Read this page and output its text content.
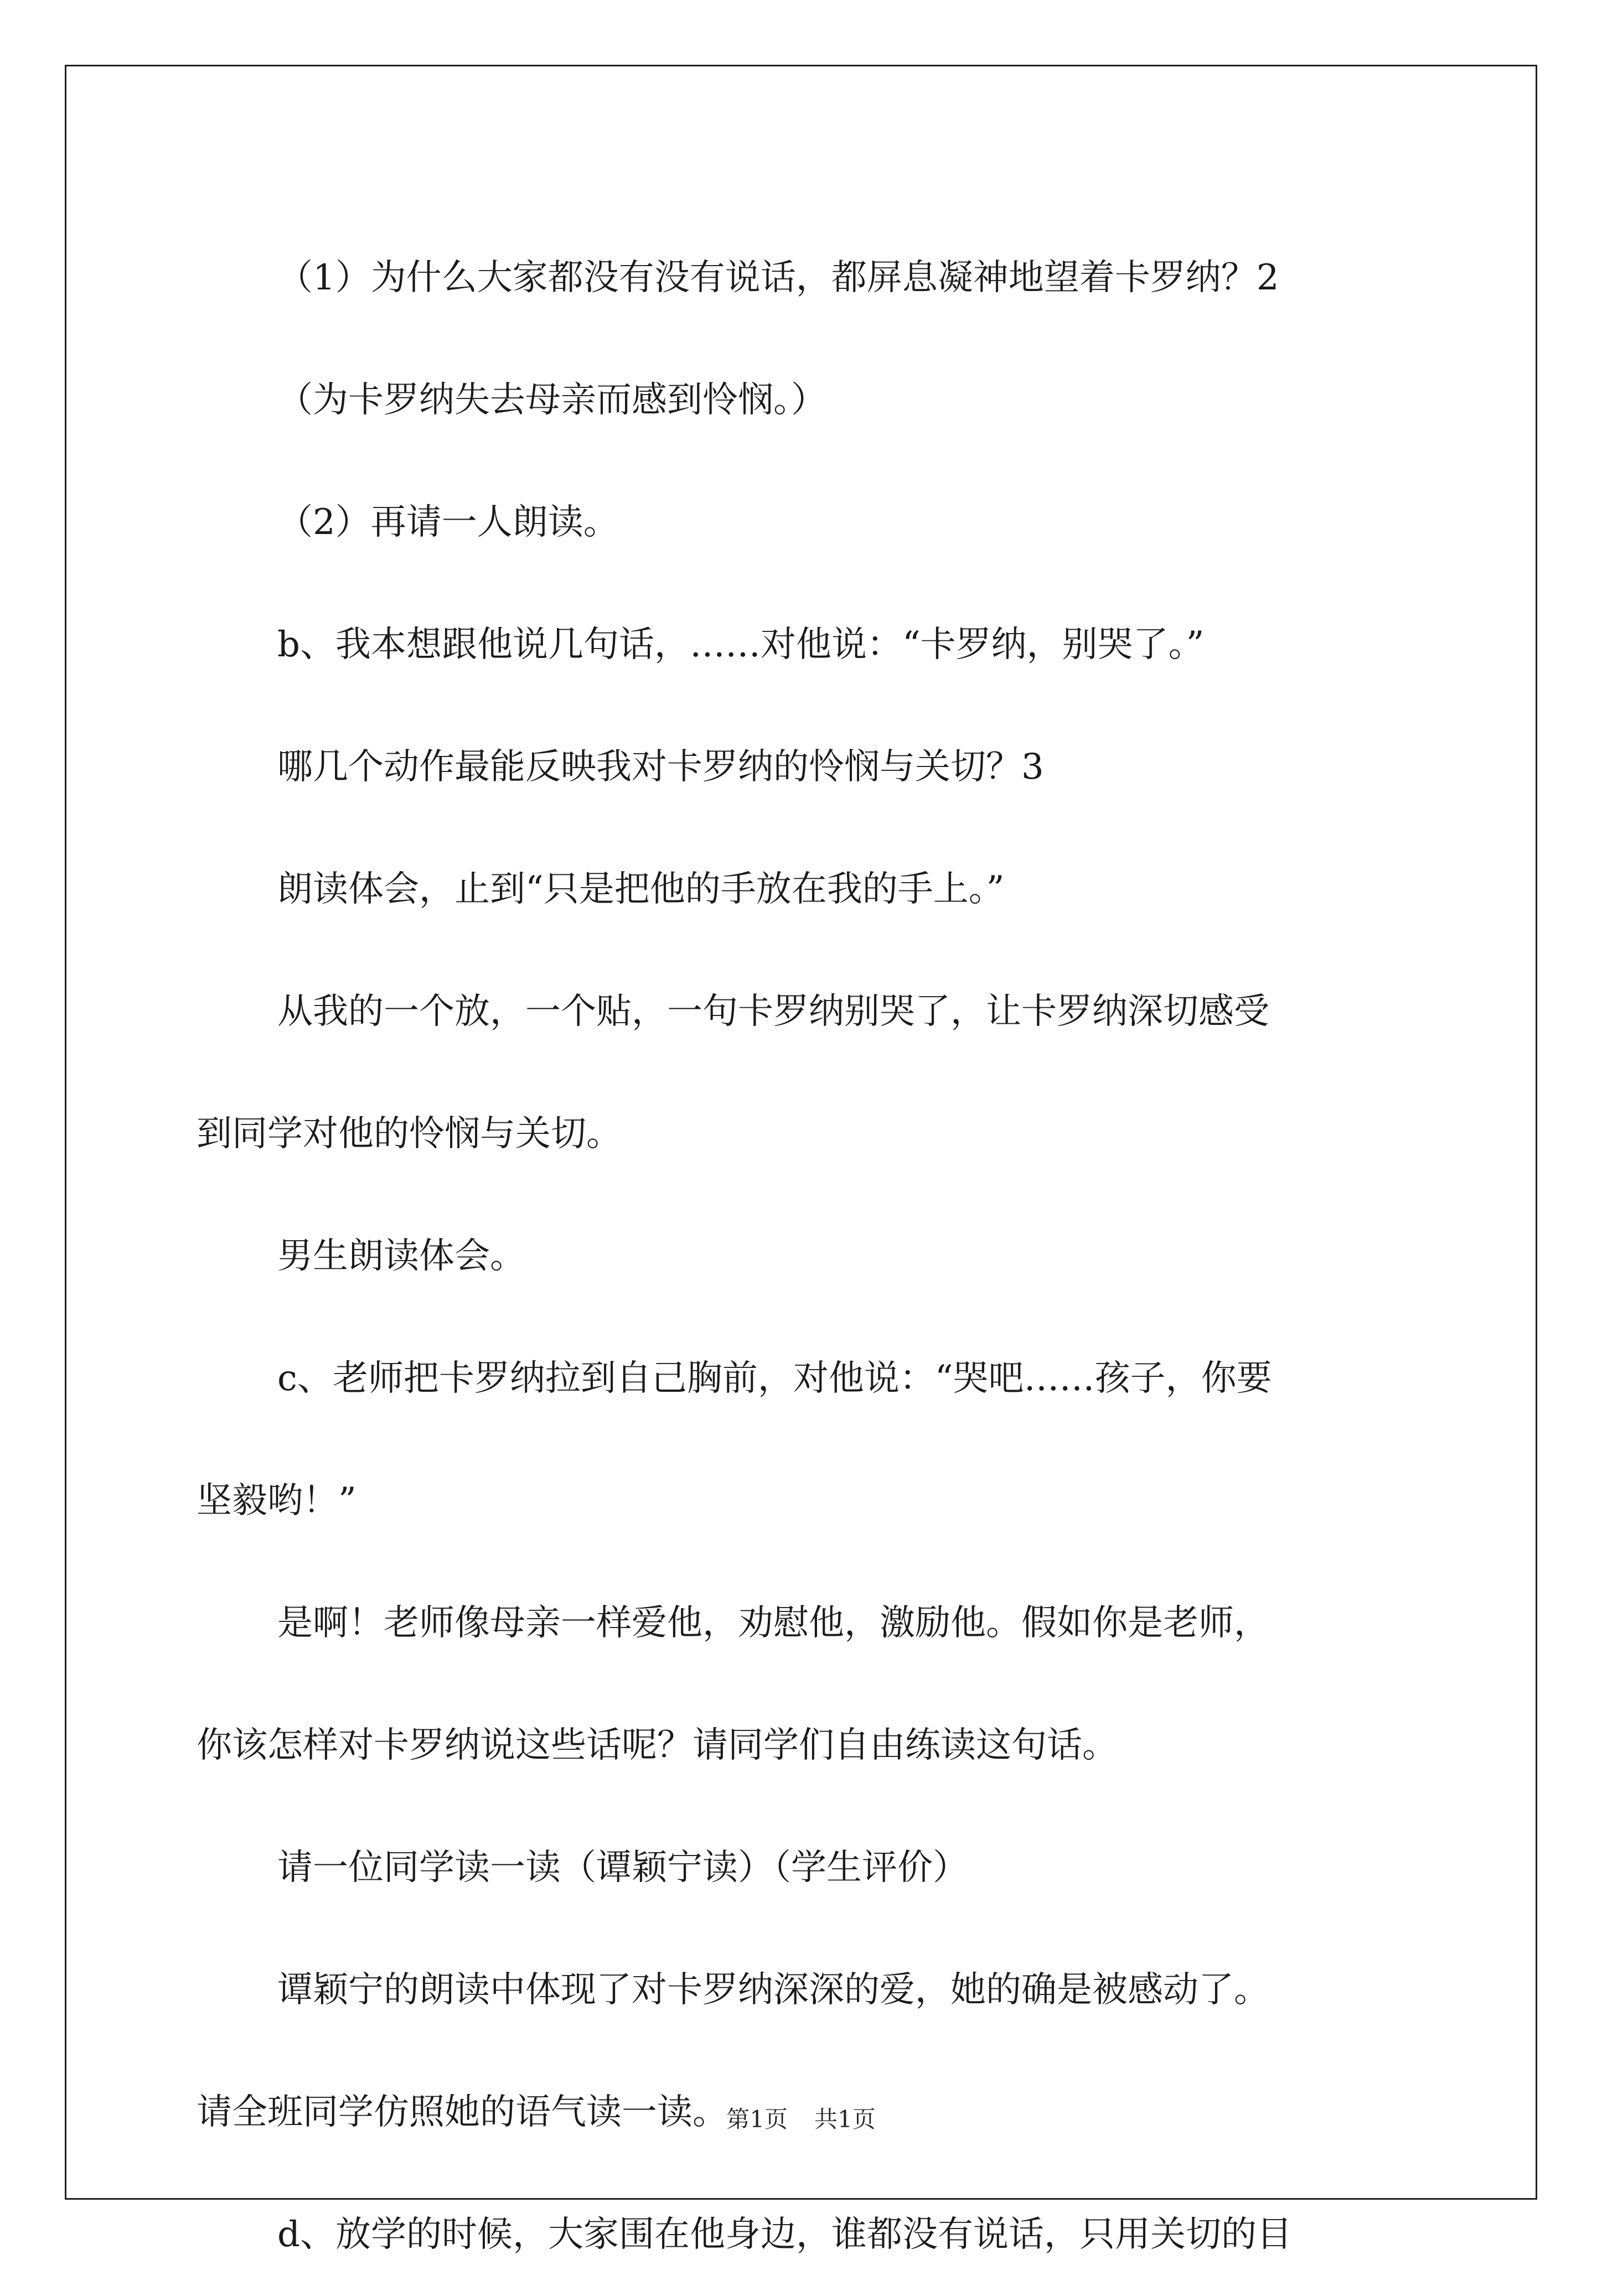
（1）为什么大家都没有没有说话，都屏息凝神地望着卡罗纳？2

（为卡罗纳失去母亲而感到怜悯。）

（2）再请一人朗读。

b、我本想跟他说几句话，……对他说：“卡罗纳，别哭了。”

哪几个动作最能反映我对卡罗纳的怜悯与关切？3

朗读体会，止到“只是把他的手放在我的手上。”

从我的一个放，一个贴，一句卡罗纳别哭了，让卡罗纳深切感受

到同学对他的怜悯与关切。

男生朗读体会。

c、老师把卡罗纳拉到自己胸前，对他说：“哭吧……孩子，你要

坚毅哟！”

是啊！老师像母亲一样爱他，劝慰他，激励他。假如你是老师，

你该怎样对卡罗纳说这些话呢？请同学们自由练读这句话。

请一位同学读一读（谭颖宁读）（学生评价）

谭颖宁的朗读中体现了对卡罗纳深深的爱，她的确是被感动了。

请全班同学仿照她的语气读一读。

d、放学的时候，大家围在他身边，谁都没有说话，只用关切的目

第1页 共1页
